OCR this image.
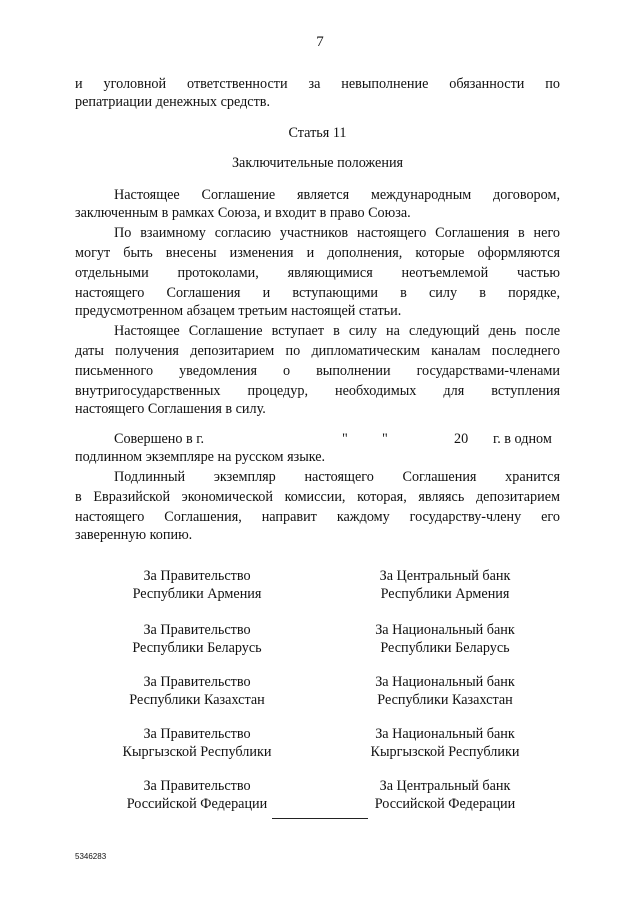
7
и уголовной ответственности за невыполнение обязанности по
репатриации денежных средств.
Статья 11
Заключительные положения
Настоящее Соглашение является международным договором,
заключенным в рамках Союза, и входит в право Союза.
По взаимному согласию участников настоящего Соглашения в него
могут быть внесены изменения и дополнения, которые оформляются
отдельными протоколами, являющимися неотъемлемой частью
настоящего Соглашения и вступающими в силу в порядке,
предусмотренном абзацем третьим настоящей статьи.
Настоящее Соглашение вступает в силу на следующий день после
даты получения депозитарием по дипломатическим каналам последнего
письменного уведомления о выполнении государствами-членами
внутригосударственных процедур, необходимых для вступления
настоящего Соглашения в силу.
Совершено в г.	" "	20 г. в одном
подлинном экземпляре на русском языке.
Подлинный экземпляр настоящего Соглашения хранится
в Евразийской экономической комиссии, которая, являясь депозитарием
настоящего Соглашения, направит каждому государству-члену его
заверенную копию.
За Правительство
Республики Армения
За Центральный банк
Республики Армения
За Правительство
Республики Беларусь
За Национальный банк
Республики Беларусь
За Правительство
Республики Казахстан
За Национальный банк
Республики Казахстан
За Правительство
Кыргызской Республики
За Национальный банк
Кыргызской Республики
За Правительство
Российской Федерации
За Центральный банк
Российской Федерации
5346283
